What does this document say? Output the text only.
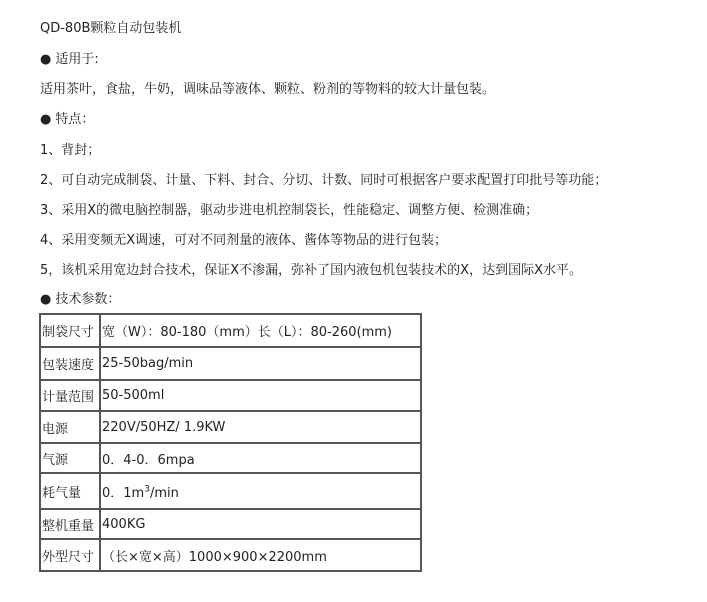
QD-80B颗粒自动包装机
● 适用于:
适用茶叶，食盐，牛奶，调味品等液体、颗粒、粉剂的等物料的较大计量包装。
● 特点：
1、背封；
2、可自动完成制袋、计量、下料、封合、分切、计数、同时可根据客户要求配置打印批号等功能；
3、采用X的微电脑控制器，驱动步进电机控制袋长，性能稳定、调整方便、检测准确；
4、采用变频无X调速，可对不同剂量的液体、酱体等物品的进行包装；
5，该机采用宽边封合技术，保证X不渗漏，弥补了国内液包机包装技术的X，达到国际X水平。
● 技术参数：
制袋尺寸	宽（W）：80-180（mm）长（L）：80-260(mm)
包装速度	25-50bag/min
计量范围	50-500ml
电源	220V/50HZ/ 1.9KW
气源	0．4-0．6mpa
耗气量	0．$1m^3/\min$
整机重量	400KG
外型尺寸	（长×宽×高）1000×900×2200mm
